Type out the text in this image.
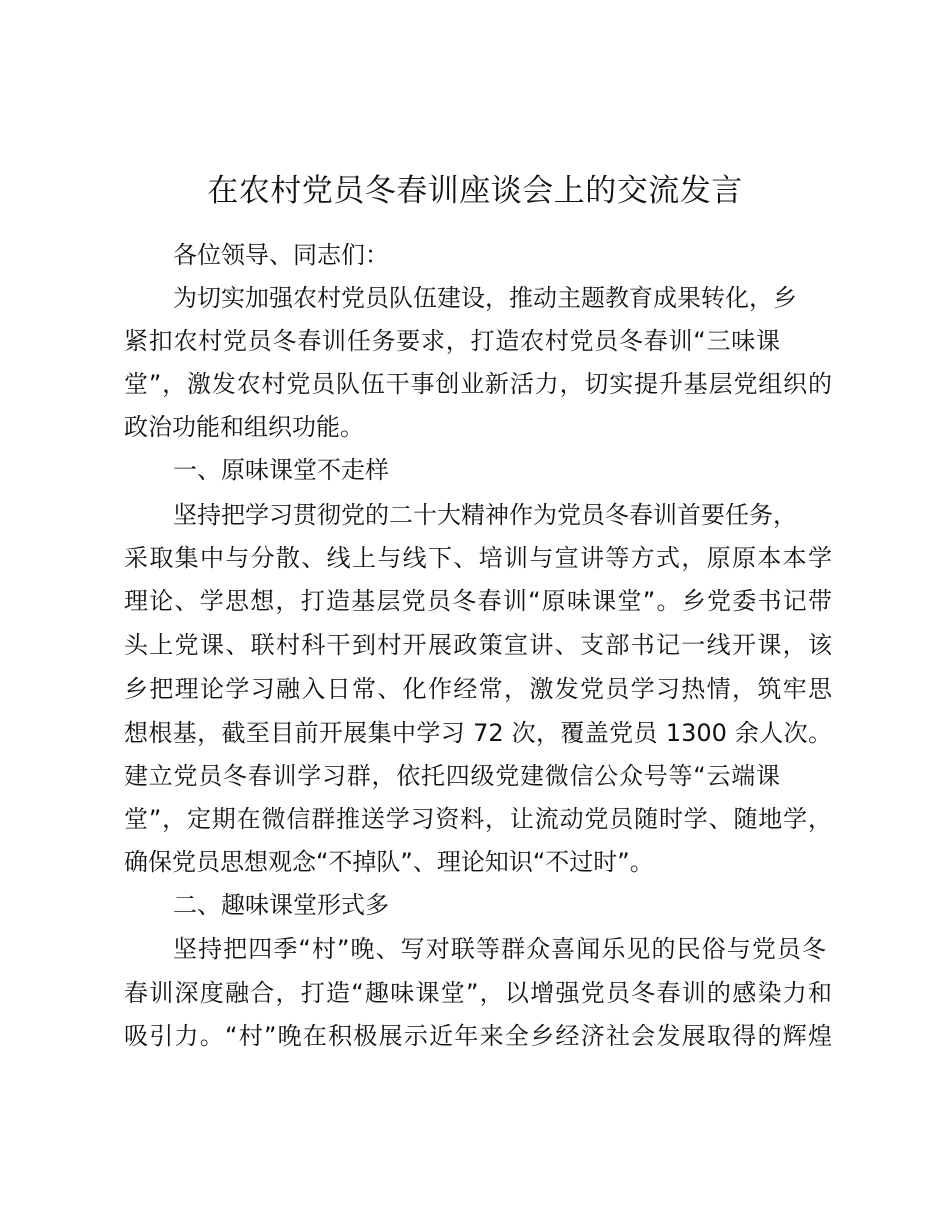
在农村党员冬春训座谈会上的交流发言
各位领导、同志们：
为切实加强农村党员队伍建设，推动主题教育成果转化，乡
紧扣农村党员冬春训任务要求，打造农村党员冬春训“三味课
堂”，激发农村党员队伍干事创业新活力，切实提升基层党组织的
政治功能和组织功能。
一、原味课堂不走样
坚持把学习贯彻党的二十大精神作为党员冬春训首要任务，
采取集中与分散、线上与线下、培训与宣讲等方式，原原本本学
理论、学思想，打造基层党员冬春训“原味课堂”。乡党委书记带
头上党课、联村科干到村开展政策宣讲、支部书记一线开课，该
乡把理论学习融入日常、化作经常，激发党员学习热情，筑牢思
想根基，截至目前开展集中学习 72 次，覆盖党员 1300 余人次。
建立党员冬春训学习群，依托四级党建微信公众号等“云端课
堂”，定期在微信群推送学习资料，让流动党员随时学、随地学，
确保党员思想观念“不掉队”、理论知识“不过时”。
二、趣味课堂形式多
坚持把四季“村”晚、写对联等群众喜闻乐见的民俗与党员冬
春训深度融合，打造“趣味课堂”，以增强党员冬春训的感染力和
吸引力。“村”晚在积极展示近年来全乡经济社会发展取得的辉煌
